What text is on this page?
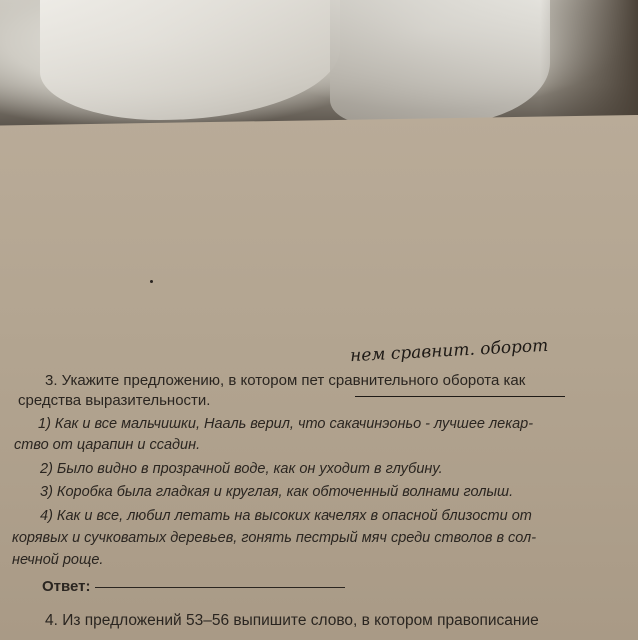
нем сравнит. оборот
3. Укажите предложению, в котором пет сравнительного оборота как
средства выразительности.
1) Как и все мальчишки, Нааль верил, что сакачинэоньо - лучшее лекар-
ство от царапин и ссадин.
2) Было видно в прозрачной воде, как он уходит в глубину.
3) Коробка была гладкая и круглая, как обточенный волнами голыш.
4) Как и все, любил летать на высоких качелях в опасной близости от
корявых и сучковатых деревьев, гонять пестрый мяч среди стволов в сол-
нечной роще.
Ответ:
4. Из предложений 53–56 выпишите слово, в котором правописание
